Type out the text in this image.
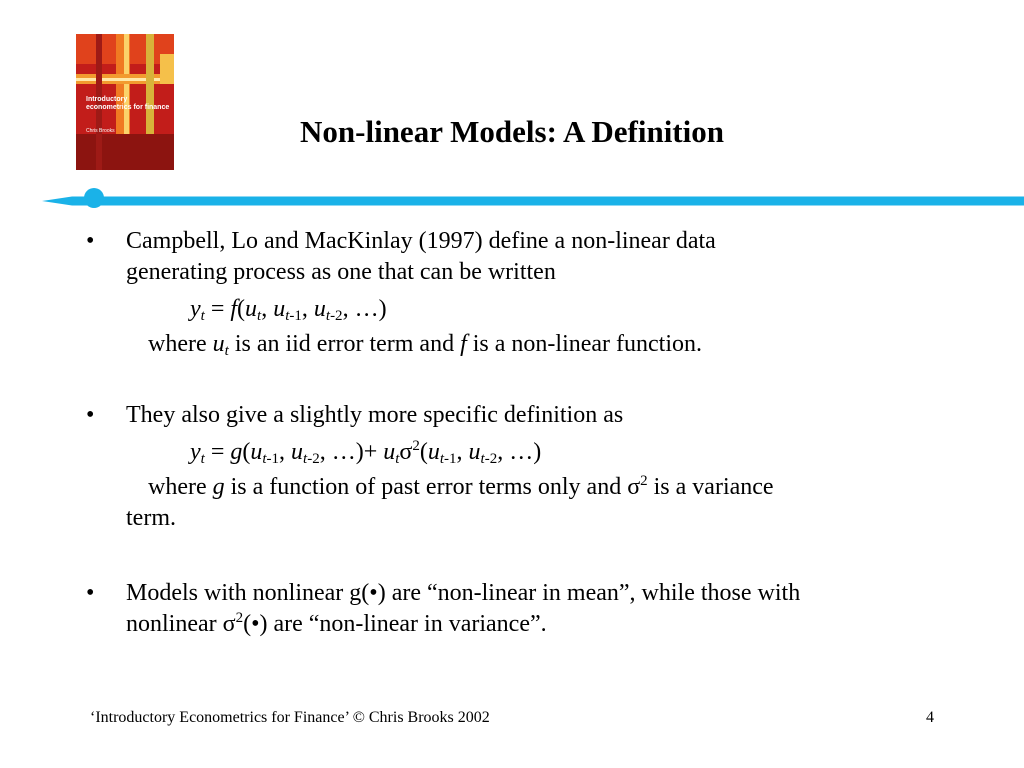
Introductory econometrics for finance
Chris Brooks	Non-linear Models: A Definition
• Campbell, Lo and MacKinlay (1997) define a non-linear data
generating process as one that can be written
$y_t = f(u_t$, $u_{t-1}$, $u_{t-2}$, …)
where $u_t$ is an iid error term and f is a non-linear function.
• They also give a slightly more specific definition as
$y_t = g(u_{t-1}$, $u_{t-2}$, …)+ $u_t\sigma^2(u_{t-1}$, $u_{t-2}$, …)
where g is a function of past error terms only and $\sigma^2$ is a variance
term.
• Models with nonlinear g(•) are “non-linear in mean”, while those with
nonlinear $\sigma^2(•)$ are “non-linear in variance”.
‘Introductory Econometrics for Finance’ © Chris Brooks 2002	4
